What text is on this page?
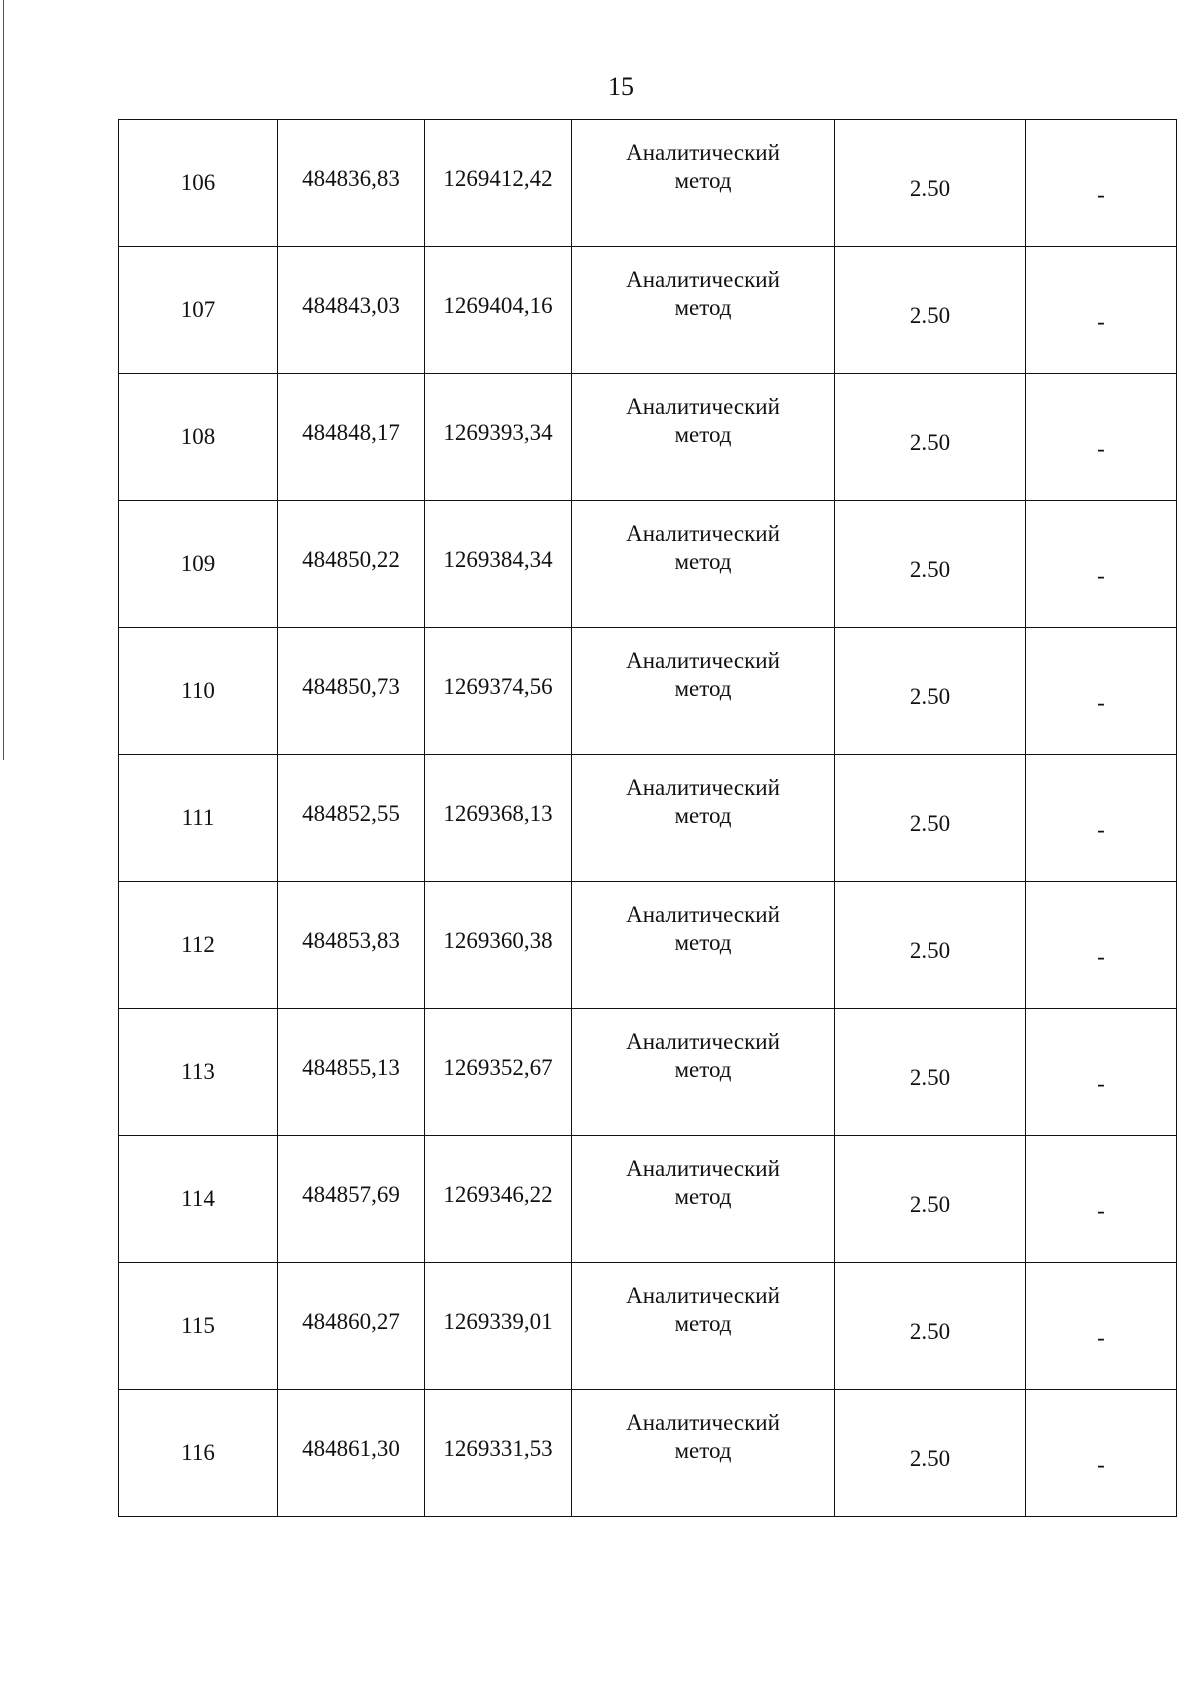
15
106	484836,83	1269412,42	Аналитический
метод	2.50	-
107	484843,03	1269404,16	Аналитический
метод	2.50	-
108	484848,17	1269393,34	Аналитический
метод	2.50	-
109	484850,22	1269384,34	Аналитический
метод	2.50	-
110	484850,73	1269374,56	Аналитический
метод	2.50	-
111	484852,55	1269368,13	Аналитический
метод	2.50	-
112	484853,83	1269360,38	Аналитический
метод	2.50	-
113	484855,13	1269352,67	Аналитический
метод	2.50	-
114	484857,69	1269346,22	Аналитический
метод	2.50	-
115	484860,27	1269339,01	Аналитический
метод	2.50	-
116	484861,30	1269331,53	Аналитический
метод	2.50	-
